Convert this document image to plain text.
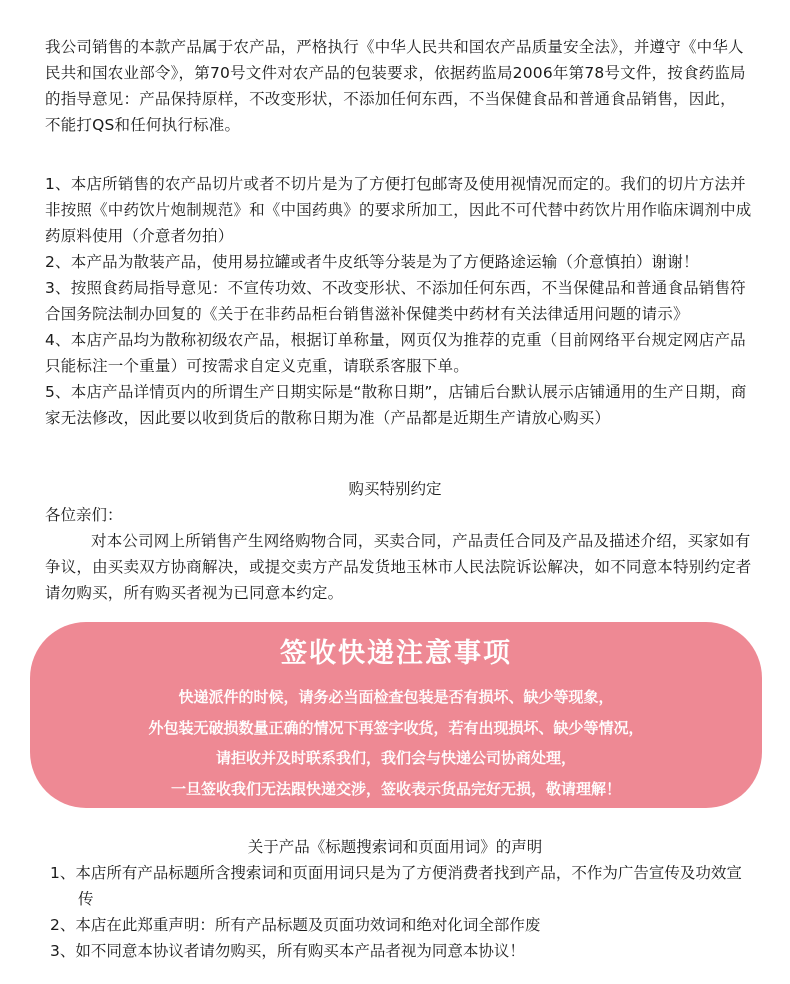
我公司销售的本款产品属于农产品，严格执行《中华人民共和国农产品质量安全法》，并遵守《中华人民共和国农业部令》，第70号文件对农产品的包装要求，依据药监局2006年第78号文件，按食药监局的指导意见：产品保持原样，不改变形状，不添加任何东西，不当保健食品和普通食品销售，因此，不能打QS和任何执行标准。
1、本店所销售的农产品切片或者不切片是为了方便打包邮寄及使用视情况而定的。我们的切片方法并非按照《中药饮片炮制规范》和《中国药典》的要求所加工，因此不可代替中药饮片用作临床调剂中成药原料使用（介意者勿拍）
2、本产品为散装产品，使用易拉罐或者牛皮纸等分装是为了方便路途运输（介意慎拍）谢谢！
3、按照食药局指导意见：不宣传功效、不改变形状、不添加任何东西，不当保健品和普通食品销售符合国务院法制办回复的《关于在非药品柜台销售滋补保健类中药材有关法律适用问题的请示》
4、本店产品均为散称初级农产品，根据订单称量，网页仅为推荐的克重（目前网络平台规定网店产品只能标注一个重量）可按需求自定义克重，请联系客服下单。
5、本店产品详情页内的所谓生产日期实际是“散称日期”，店铺后台默认展示店铺通用的生产日期，商家无法修改，因此要以收到货后的散称日期为准（产品都是近期生产请放心购买）
购买特别约定
各位亲们：
对本公司网上所销售产生网络购物合同，买卖合同，产品责任合同及产品及描述介绍，买家如有争议，由买卖双方协商解决，或提交卖方产品发货地玉林市人民法院诉讼解决，如不同意本特别约定者请勿购买，所有购买者视为已同意本约定。
签收快递注意事项
快递派件的时候，请务必当面检查包装是否有损坏、缺少等现象，
外包装无破损数量正确的情况下再签字收货，若有出现损坏、缺少等情况，
请拒收并及时联系我们，我们会与快递公司协商处理，
一旦签收我们无法跟快递交涉，签收表示货品完好无损，敬请理解！
关于产品《标题搜索词和页面用词》的声明
1、本店所有产品标题所含搜索词和页面用词只是为了方便消费者找到产品，不作为广告宣传及功效宣传
2、本店在此郑重声明：所有产品标题及页面功效词和绝对化词全部作废
3、如不同意本协议者请勿购买，所有购买本产品者视为同意本协议！
